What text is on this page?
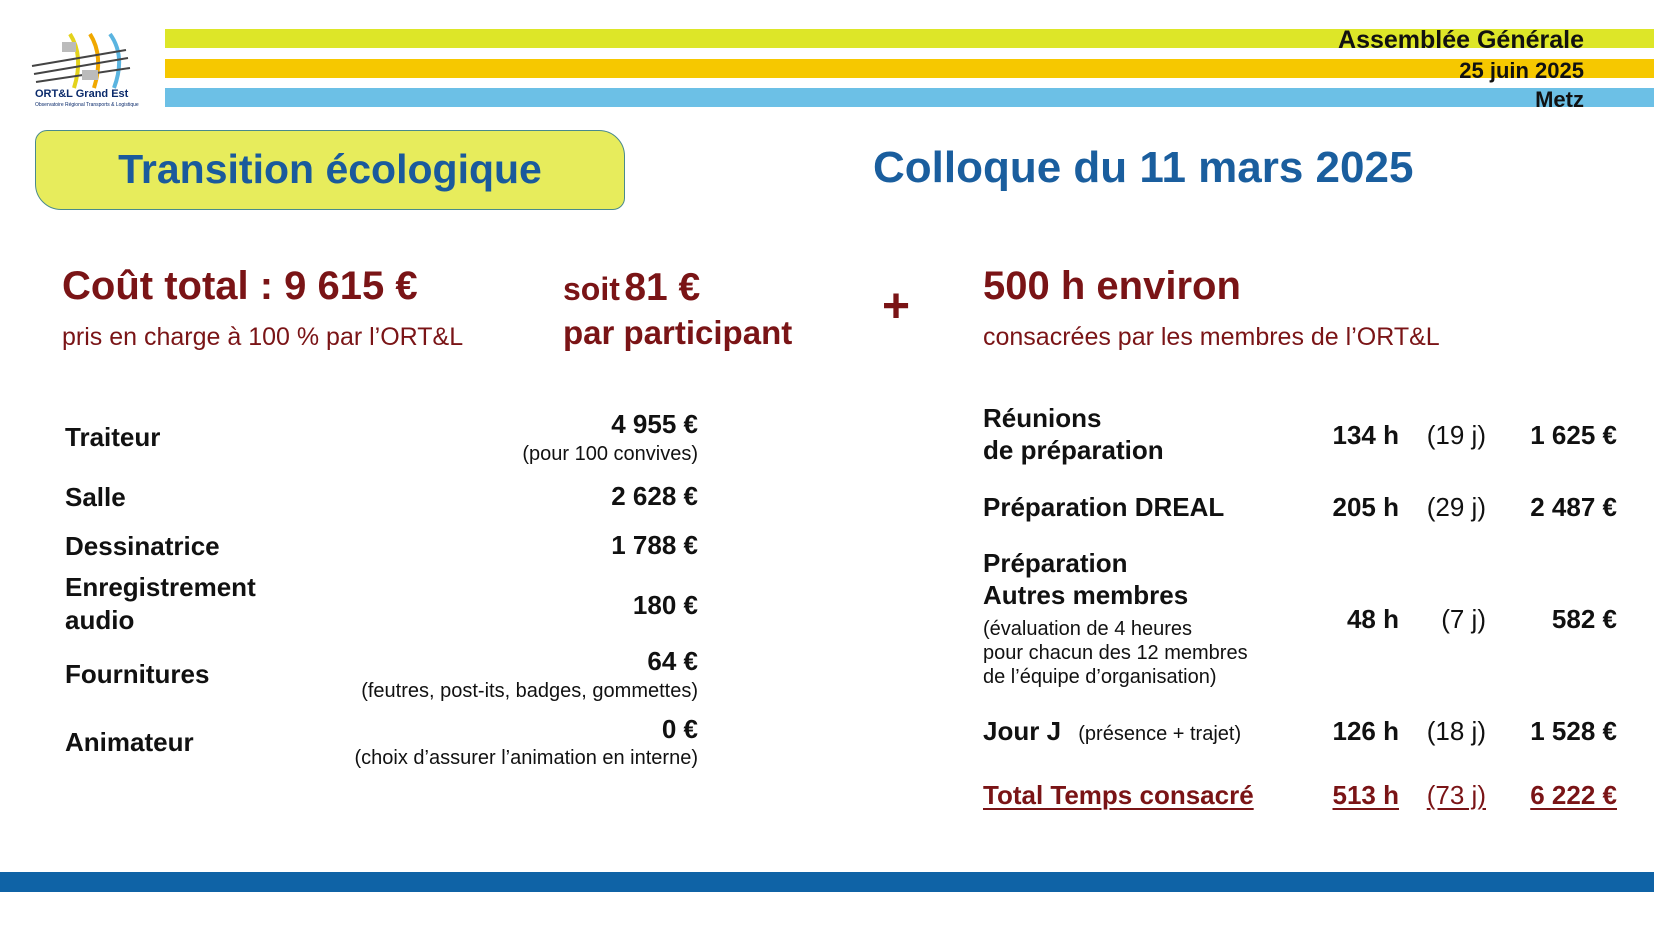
ORT&L Grand Est
Observatoire Régional Transports & Logistique
Assemblée Générale
25 juin 2025
Metz
Transition écologique	Colloque du 11 mars 2025
Coût total : 9 615 €
pris en charge à 100 % par l’ORT&L
soit 81 €
par participant + 500 h environ
consacrées par les membres de l’ORT&L
Traiteur	4 955 €
(pour 100 convives)
Salle	2 628 €
Dessinatrice	1 788 €
Enregistrement
audio	180 €
Fournitures	64 €
(feutres, post-its, badges, gommettes)
Animateur	0 €
(choix d’assurer l’animation en interne)
Réunions
de préparation	134 h (19 j) 1 625 €
Préparation DREAL	205 h (29 j) 2 487 €
Préparation
Autres membres
(évaluation de 4 heures
pour chacun des 12 membres
de l’équipe d’organisation)
48 h (7 j)	582 €
Jour J (présence + trajet)	126 h (18 j) 1 528 €
Total Temps consacré	513 h (73 j) 6 222 €
